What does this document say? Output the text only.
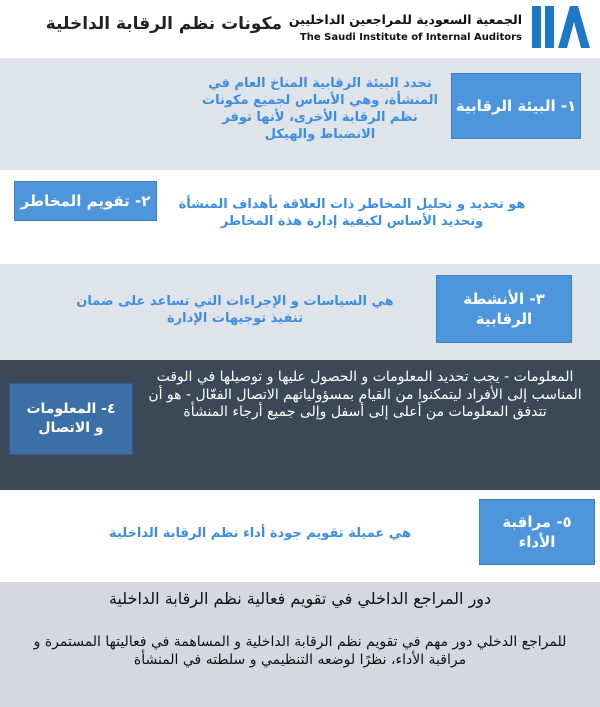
الجمعية السعودية للمراجعين الداخليين
The Saudi Institute of Internal Auditors
مكونات نظم الرقابة الداخلية
١- البيئة الرقابية
تحدد البيئة الرقابية المناخ العام في المنشأة، وهي الأساس لجميع مكونات نظم الرقابة الأخرى، لأنها توفر الانضباط والهيكل
٢- تقويم المخاطر	هو تحديد و تحليل المخاطر ذات العلاقة بأهداف المنشأة وتحديد الأساس لكيفية إدارة هذة المخاطر
٣- الأنشطة الرقابية
هي السياسات و الإجراءات التي تساعد على ضمان تنفيذ توجيهات الإدارة
٤- المعلومات و الاتصال
المعلومات - يجب تحديد المعلومات و الحصول عليها و توصيلها في الوقت المناسب إلى الأفراد ليتمكنوا من القيام بمسؤولياتهم الاتصال الفعّال - هو أن تتدفق المعلومات من أعلى إلى أسفل وإلى جميع أرجاء المنشأة
٥- مراقبة الأداء
هي عميلة تقويم جودة أداء نظم الرقابة الداخلية
دور المراجع الداخلي في تقويم فعالية نظم الرقابة الداخلية
للمراجع الدخلي دور مهم في تقويم نظم الرقابة الداخلية و المساهمة في فعاليتها المستمرة و مراقبة الأداء، نظرًا لوضعه التنظيمي و سلطته في المنشأة
